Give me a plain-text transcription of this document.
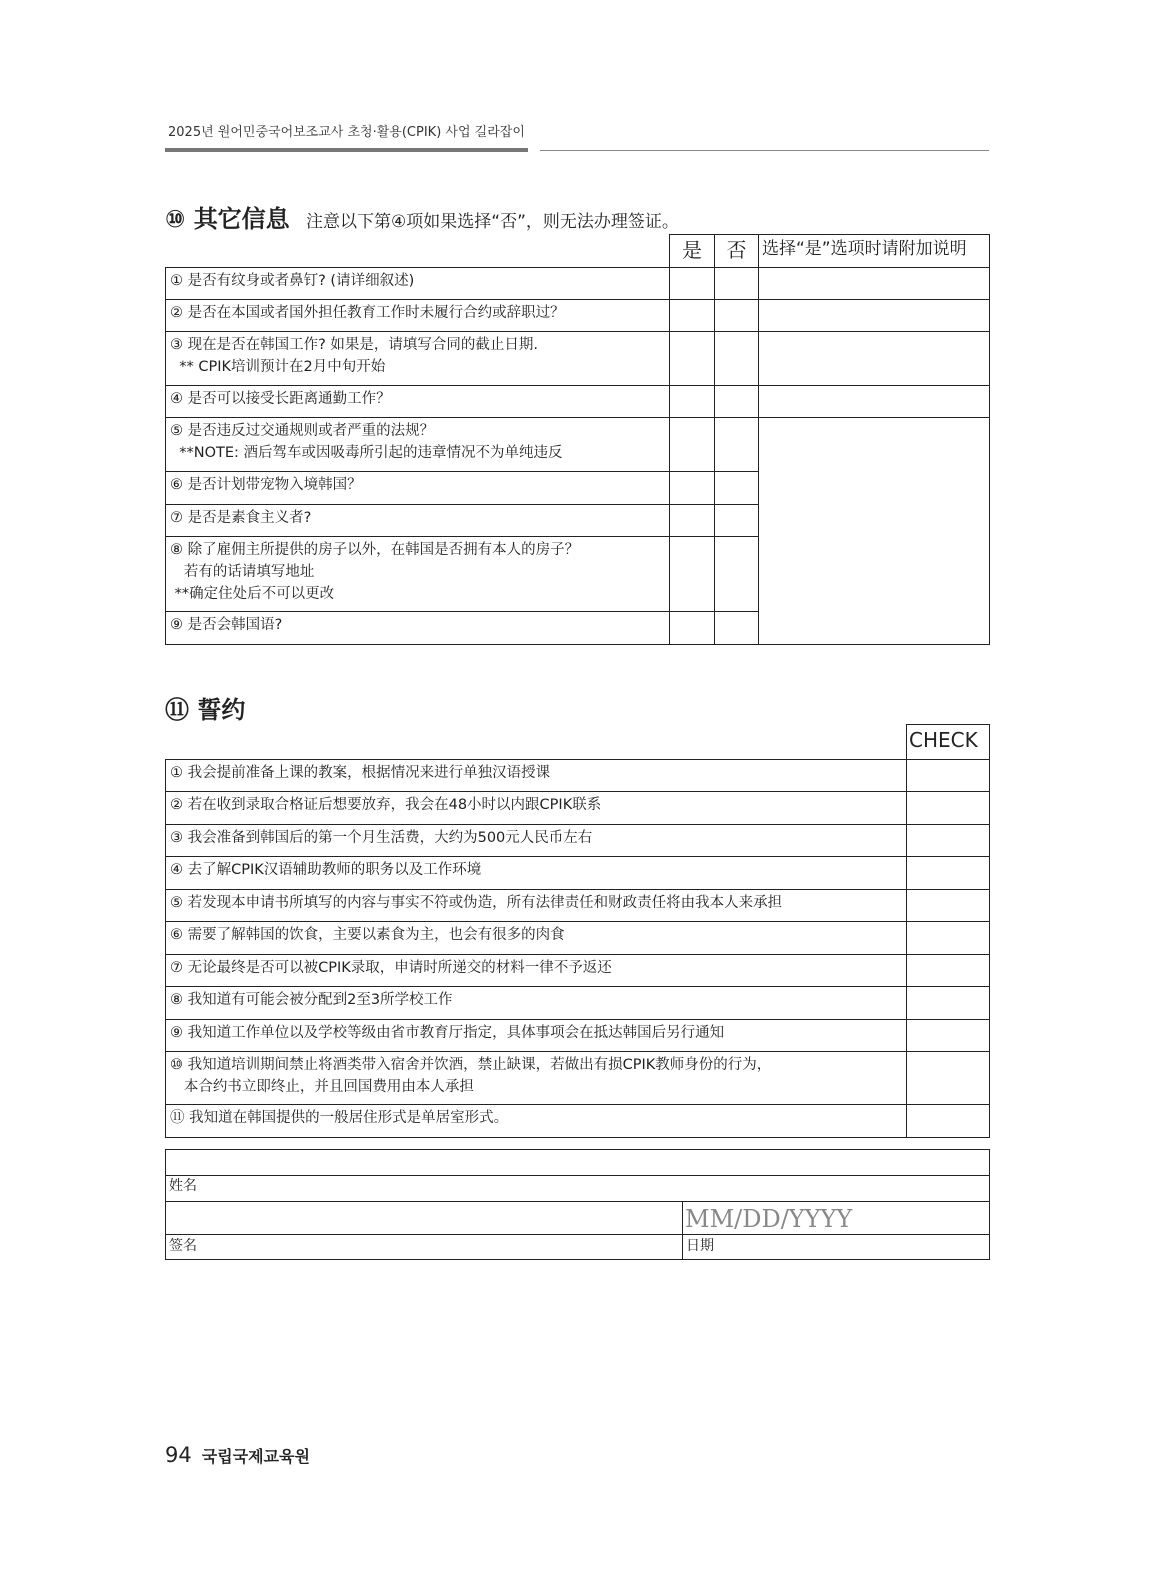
2025년 원어민중국어보조교사 초청·활용(CPIK) 사업 길라잡이
⑩ 其它信息 注意以下第④项如果选择“否”，则无法办理签证。
是	否 选择“是”选项时请附加说明
① 是否有纹身或者鼻钉? (请详细叙述)
② 是否在本国或者国外担任教育工作时未履行合约或辞职过？
③ 现在是否在韩国工作? 如果是，请填写合同的截止日期.
** CPIK培训预计在2月中旬开始
④ 是否可以接受长距离通勤工作？
⑤ 是否违反过交通规则或者严重的法规？
**NOTE: 酒后驾车或因吸毒所引起的违章情况不为单纯违反
⑥ 是否计划带宠物入境韩国？
⑦ 是否是素食主义者?
⑧ 除了雇佣主所提供的房子以外，在韩国是否拥有本人的房子？
若有的话请填写地址
**确定住处后不可以更改
⑨ 是否会韩国语?
⑪ 誓约
CHECK
① 我会提前准备上课的教案，根据情况来进行单独汉语授课
② 若在收到录取合格证后想要放弃，我会在48小时以内跟CPIK联系
③ 我会准备到韩国后的第一个月生活费，大约为500元人民币左右
④ 去了解CPIK汉语辅助教师的职务以及工作环境
⑤ 若发现本申请书所填写的内容与事实不符或伪造，所有法律责任和财政责任将由我本人来承担
⑥ 需要了解韩国的饮食，主要以素食为主，也会有很多的肉食
⑦ 无论最终是否可以被CPIK录取，申请时所递交的材料一律不予返还
⑧ 我知道有可能会被分配到2至3所学校工作
⑨ 我知道工作单位以及学校等级由省市教育厅指定，具体事项会在抵达韩国后另行通知
⑩ 我知道培训期间禁止将酒类带入宿舍并饮酒，禁止缺课，若做出有损CPIK教师身份的行为，
本合约书立即终止，并且回国费用由本人承担
⑪ 我知道在韩国提供的一般居住形式是单居室形式。
姓名
MM/DD/YYYY
签名	日期
94 국립국제교육원
